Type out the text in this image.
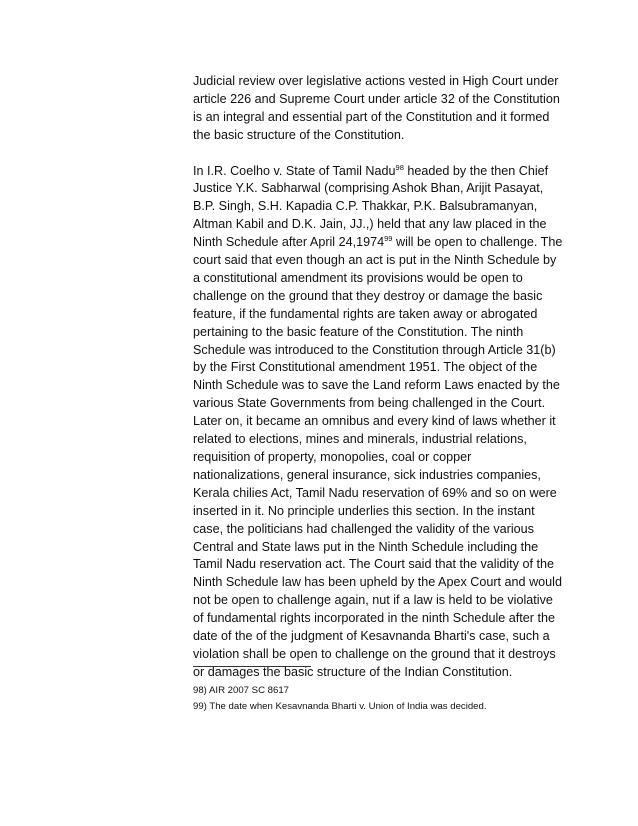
Judicial review over legislative actions vested in High Court under
article 226 and Supreme Court under article 32 of the Constitution
is an integral and essential part of the Constitution and it formed
the basic structure of the Constitution.
In I.R. Coelho v. State of Tamil Nadu$^{98}$ headed by the then Chief
Justice Y.K. Sabharwal (comprising Ashok Bhan, Arijit Pasayat,
B.P. Singh, S.H. Kapadia C.P. Thakkar, P.K. Balsubramanyan,
Altman Kabil and D.K. Jain, JJ.,) held that any law placed in the
Ninth Schedule after April 24,1974$^{99}$ will be open to challenge. The
court said that even though an act is put in the Ninth Schedule by
a constitutional amendment its provisions would be open to
challenge on the ground that they destroy or damage the basic
feature, if the fundamental rights are taken away or abrogated
pertaining to the basic feature of the Constitution. The ninth
Schedule was introduced to the Constitution through Article 31(b)
by the First Constitutional amendment 1951. The object of the
Ninth Schedule was to save the Land reform Laws enacted by the
various State Governments from being challenged in the Court.
Later on, it became an omnibus and every kind of laws whether it
related to elections, mines and minerals, industrial relations,
requisition of property, monopolies, coal or copper
nationalizations, general insurance, sick industries companies,
Kerala chilies Act, Tamil Nadu reservation of 69% and so on were
inserted in it. No principle underlies this section. In the instant
case, the politicians had challenged the validity of the various
Central and State laws put in the Ninth Schedule including the
Tamil Nadu reservation act. The Court said that the validity of the
Ninth Schedule law has been upheld by the Apex Court and would
not be open to challenge again, nut if a law is held to be violative
of fundamental rights incorporated in the ninth Schedule after the
date of the of the judgment of Kesavnanda Bharti's case, such a
violation shall be open to challenge on the ground that it destroys
or damages the basic structure of the Indian Constitution.
98) AIR 2007 SC 8617
99) The date when Kesavnanda Bharti v. Union of India was decided.
